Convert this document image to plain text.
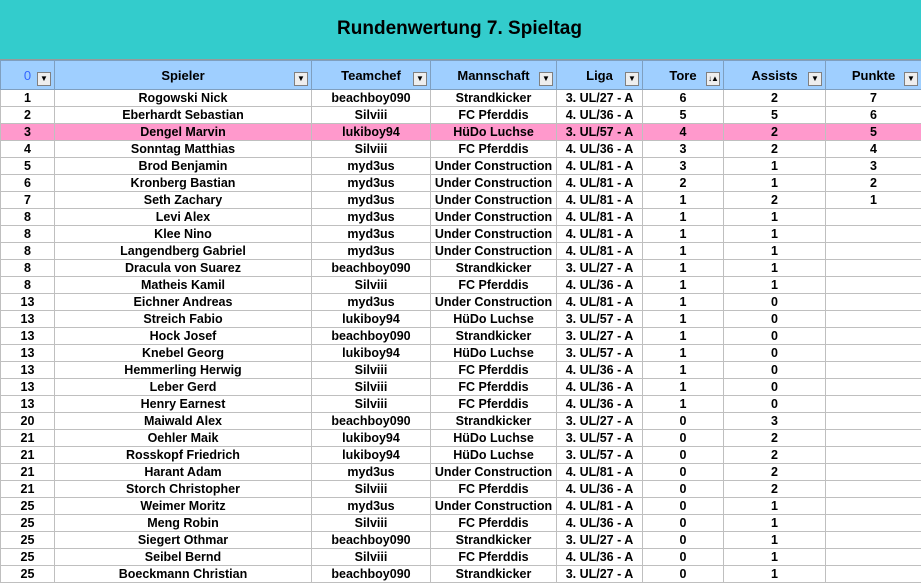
Rundenwertung 7. Spieltag
0 ▼	Spieler ▼	Teamchef ▼	Mannschaft ▼	Liga ▼	Tore ↓▲	Assists ▼	Punkte ▼

1	Rogowski Nick	beachboy090	Strandkicker	3. UL/27 - A	6	2	7
2	Eberhardt Sebastian	Silviii	FC Pferddis	4. UL/36 - A	5	5	6
3	Dengel Marvin	lukiboy94	HüDo Luchse	3. UL/57 - A	4	2	5
4	Sonntag Matthias	Silviii	FC Pferddis	4. UL/36 - A	3	2	4
5	Brod Benjamin	myd3us	Under Construction	4. UL/81 - A	3	1	3
6	Kronberg Bastian	myd3us	Under Construction	4. UL/81 - A	2	1	2
7	Seth Zachary	myd3us	Under Construction	4. UL/81 - A	1	2	1
8	Levi Alex	myd3us	Under Construction	4. UL/81 - A	1	1	
8	Klee Nino	myd3us	Under Construction	4. UL/81 - A	1	1	
8	Langendberg Gabriel	myd3us	Under Construction	4. UL/81 - A	1	1	
8	Dracula von Suarez	beachboy090	Strandkicker	3. UL/27 - A	1	1	
8	Matheis Kamil	Silviii	FC Pferddis	4. UL/36 - A	1	1	
13	Eichner Andreas	myd3us	Under Construction	4. UL/81 - A	1	0	
13	Streich Fabio	lukiboy94	HüDo Luchse	3. UL/57 - A	1	0	
13	Hock Josef	beachboy090	Strandkicker	3. UL/27 - A	1	0	
13	Knebel Georg	lukiboy94	HüDo Luchse	3. UL/57 - A	1	0	
13	Hemmerling Herwig	Silviii	FC Pferddis	4. UL/36 - A	1	0	
13	Leber Gerd	Silviii	FC Pferddis	4. UL/36 - A	1	0	
13	Henry Earnest	Silviii	FC Pferddis	4. UL/36 - A	1	0	
20	Maiwald Alex	beachboy090	Strandkicker	3. UL/27 - A	0	3	
21	Oehler Maik	lukiboy94	HüDo Luchse	3. UL/57 - A	0	2	
21	Rosskopf Friedrich	lukiboy94	HüDo Luchse	3. UL/57 - A	0	2	
21	Harant Adam	myd3us	Under Construction	4. UL/81 - A	0	2	
21	Storch Christopher	Silviii	FC Pferddis	4. UL/36 - A	0	2	
25	Weimer Moritz	myd3us	Under Construction	4. UL/81 - A	0	1	
25	Meng Robin	Silviii	FC Pferddis	4. UL/36 - A	0	1	
25	Siegert Othmar	beachboy090	Strandkicker	3. UL/27 - A	0	1	
25	Seibel Bernd	Silviii	FC Pferddis	4. UL/36 - A	0	1	
25	Boeckmann Christian	beachboy090	Strandkicker	3. UL/27 - A	0	1	
